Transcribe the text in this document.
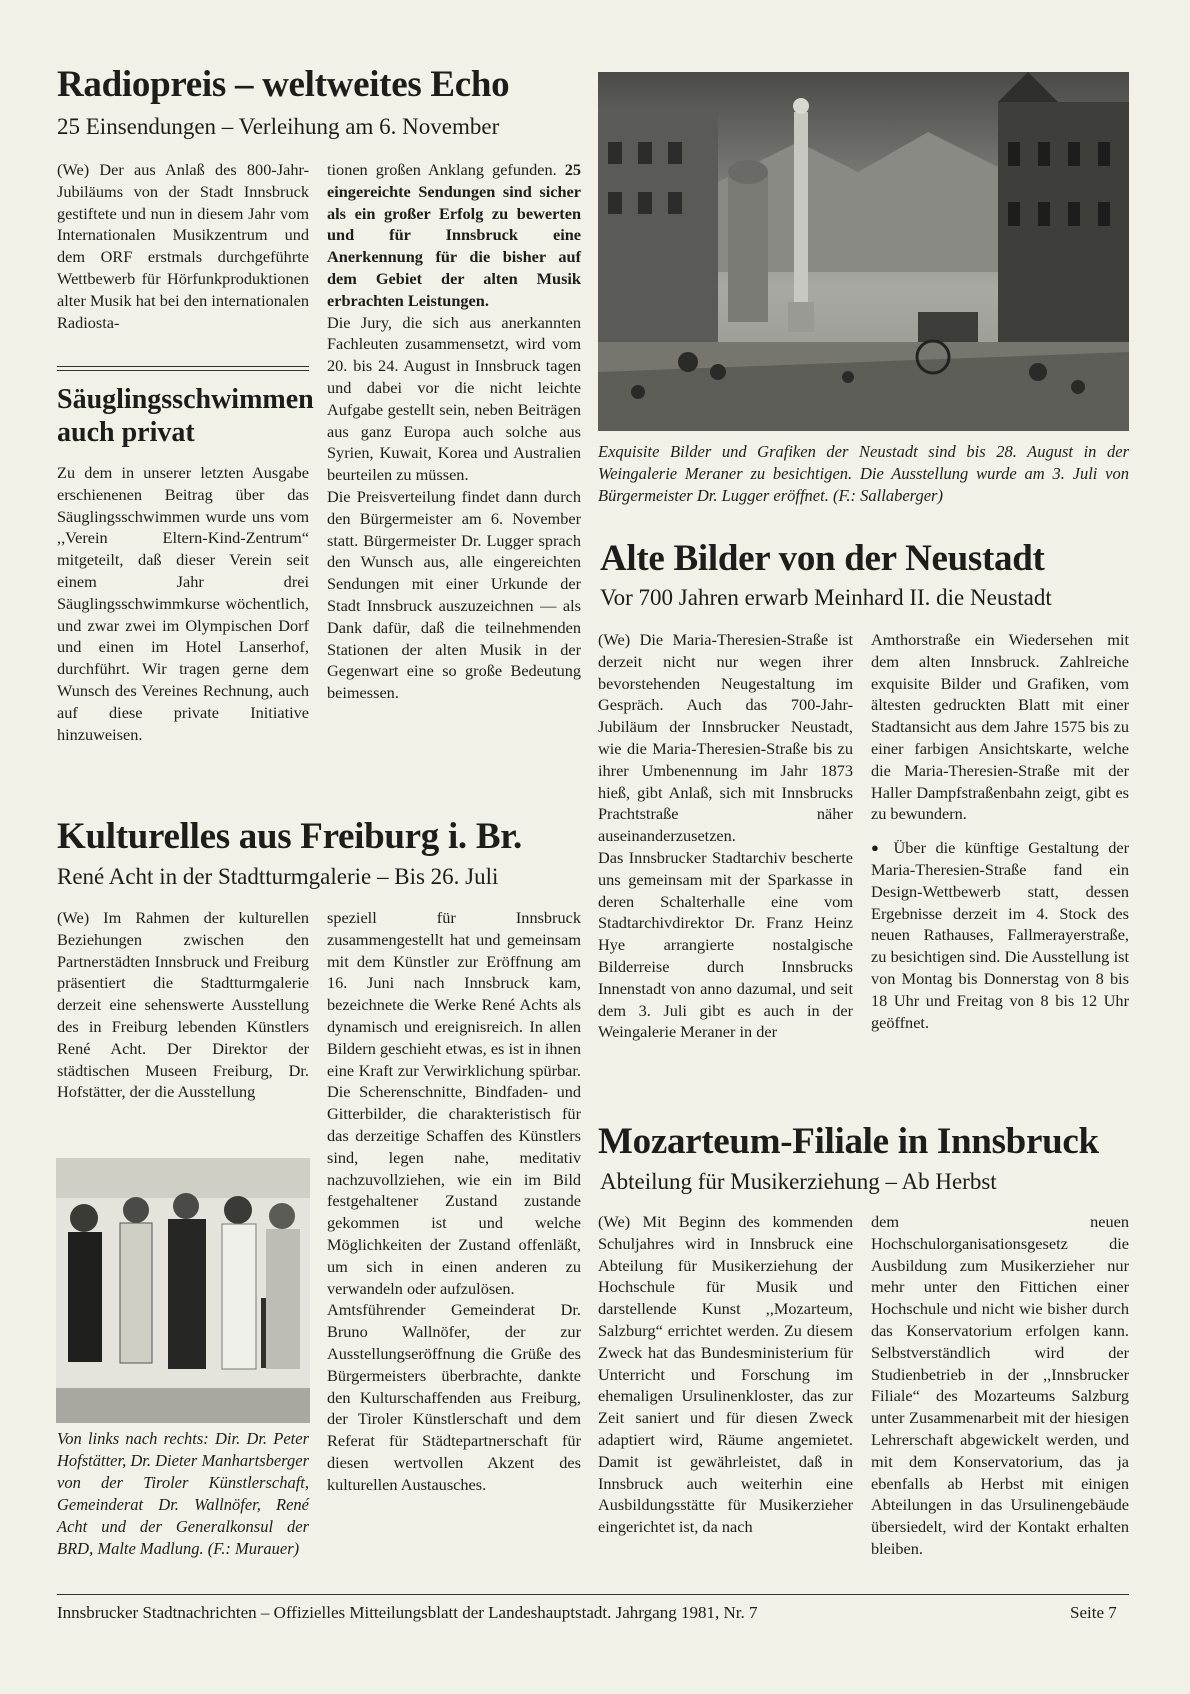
Radiopreis – weltweites Echo
25 Einsendungen – Verleihung am 6. November

(We) Der aus Anlaß des 800-Jahr-Jubiläums von der Stadt Innsbruck gestiftete und nun in diesem Jahr vom Internationalen Musikzentrum und dem ORF erstmals durchgeführte Wettbewerb für Hörfunkproduktionen alter Musik hat bei den internationalen Radiosta-

Säuglingsschwimmen
auch privat

Zu dem in unserer letzten Ausgabe erschienenen Beitrag über das Säuglingsschwimmen wurde uns vom ,,Verein Eltern-Kind-Zentrum“ mitgeteilt, daß dieser Verein seit einem Jahr drei Säuglingsschwimmkurse wöchentlich, und zwar zwei im Olympischen Dorf und einen im Hotel Lanserhof, durchführt. Wir tragen gerne dem Wunsch des Vereines Rechnung, auch auf diese private Initiative hinzuweisen.

tionen großen Anklang gefunden. 25 eingereichte Sendungen sind sicher als ein großer Erfolg zu bewerten und für Innsbruck eine Anerkennung für die bisher auf dem Gebiet der alten Musik erbrachten Leistungen.

Die Jury, die sich aus anerkannten Fachleuten zusammensetzt, wird vom 20. bis 24. August in Innsbruck tagen und dabei vor die nicht leichte Aufgabe gestellt sein, neben Beiträgen aus ganz Europa auch solche aus Syrien, Kuwait, Korea und Australien beurteilen zu müssen.

Die Preisverteilung findet dann durch den Bürgermeister am 6. November statt. Bürgermeister Dr. Lugger sprach den Wunsch aus, alle eingereichten Sendungen mit einer Urkunde der Stadt Innsbruck auszuzeichnen — als Dank dafür, daß die teilnehmenden Stationen der alten Musik in der Gegenwart eine so große Bedeutung beimessen.

Exquisite Bilder und Grafiken der Neustadt sind bis 28. August in der Weingalerie Meraner zu besichtigen. Die Ausstellung wurde am 3. Juli von Bürgermeister Dr. Lugger eröffnet. (F.: Sallaberger)
Alte Bilder von der Neustadt
Vor 700 Jahren erwarb Meinhard II. die Neustadt

(We) Die Maria-Theresien-Straße ist derzeit nicht nur wegen ihrer bevorstehenden Neugestaltung im Gespräch. Auch das 700-Jahr-Jubiläum der Innsbrucker Neustadt, wie die Maria-Theresien-Straße bis zu ihrer Umbenennung im Jahr 1873 hieß, gibt Anlaß, sich mit Innsbrucks Prachtstraße näher auseinanderzusetzen.

Das Innsbrucker Stadtarchiv bescherte uns gemeinsam mit der Sparkasse in deren Schalterhalle eine vom Stadtarchivdirektor Dr. Franz Heinz Hye arrangierte nostalgische Bilderreise durch Innsbrucks Innenstadt von anno dazumal, und seit dem 3. Juli gibt es auch in der Weingalerie Meraner in der

Amthorstraße ein Wiedersehen mit dem alten Innsbruck. Zahlreiche exquisite Bilder und Grafiken, vom ältesten gedruckten Blatt mit einer Stadtansicht aus dem Jahre 1575 bis zu einer farbigen Ansichtskarte, welche die Maria-Theresien-Straße mit der Haller Dampfstraßenbahn zeigt, gibt es zu bewundern.

● Über die künftige Gestaltung der Maria-Theresien-Straße fand ein Design-Wettbewerb statt, dessen Ergebnisse derzeit im 4. Stock des neuen Rathauses, Fallmerayerstraße, zu besichtigen sind. Die Ausstellung ist von Montag bis Donnerstag von 8 bis 18 Uhr und Freitag von 8 bis 12 Uhr geöffnet.

Kulturelles aus Freiburg i. Br.
René Acht in der Stadtturmgalerie – Bis 26. Juli

(We) Im Rahmen der kulturellen Beziehungen zwischen den Partnerstädten Innsbruck und Freiburg präsentiert die Stadtturmgalerie derzeit eine sehenswerte Ausstellung des in Freiburg lebenden Künstlers René Acht. Der Direktor der städtischen Museen Freiburg, Dr. Hofstätter, der die Ausstellung

Von links nach rechts: Dir. Dr. Peter Hofstätter, Dr. Dieter Manhartsberger von der Tiroler Künstlerschaft, Gemeinderat Dr. Wallnöfer, René Acht und der Generalkonsul der BRD, Malte Madlung. (F.: Murauer)

speziell für Innsbruck zusammengestellt hat und gemeinsam mit dem Künstler zur Eröffnung am 16. Juni nach Innsbruck kam, bezeichnete die Werke René Achts als dynamisch und ereignisreich. In allen Bildern geschieht etwas, es ist in ihnen eine Kraft zur Verwirklichung spürbar. Die Scherenschnitte, Bindfaden- und Gitterbilder, die charakteristisch für das derzeitige Schaffen des Künstlers sind, legen nahe, meditativ nachzuvollziehen, wie ein im Bild festgehaltener Zustand zustande gekommen ist und welche Möglichkeiten der Zustand offenläßt, um sich in einen anderen zu verwandeln oder aufzulösen.

Amtsführender Gemeinderat Dr. Bruno Wallnöfer, der zur Ausstellungseröffnung die Grüße des Bürgermeisters überbrachte, dankte den Kulturschaffenden aus Freiburg, der Tiroler Künstlerschaft und dem Referat für Städtepartnerschaft für diesen wertvollen Akzent des kulturellen Austausches.

Mozarteum-Filiale in Innsbruck
Abteilung für Musikerziehung – Ab Herbst

(We) Mit Beginn des kommenden Schuljahres wird in Innsbruck eine Abteilung für Musikerziehung der Hochschule für Musik und darstellende Kunst ,,Mozarteum, Salzburg“ errichtet werden. Zu diesem Zweck hat das Bundesministerium für Unterricht und Forschung im ehemaligen Ursulinenkloster, das zur Zeit saniert und für diesen Zweck adaptiert wird, Räume angemietet. Damit ist gewährleistet, daß in Innsbruck auch weiterhin eine Ausbildungsstätte für Musikerzieher eingerichtet ist, da nach

dem neuen Hochschulorganisationsgesetz die Ausbildung zum Musikerzieher nur mehr unter den Fittichen einer Hochschule und nicht wie bisher durch das Konservatorium erfolgen kann. Selbstverständlich wird der Studienbetrieb in der ,,Innsbrucker Filiale“ des Mozarteums Salzburg unter Zusammenarbeit mit der hiesigen Lehrerschaft abgewickelt werden, und mit dem Konservatorium, das ja ebenfalls ab Herbst mit einigen Abteilungen in das Ursulinengebäude übersiedelt, wird der Kontakt erhalten bleiben.

Innsbrucker Stadtnachrichten – Offizielles Mitteilungsblatt der Landeshauptstadt. Jahrgang 1981, Nr. 7	Seite 7
